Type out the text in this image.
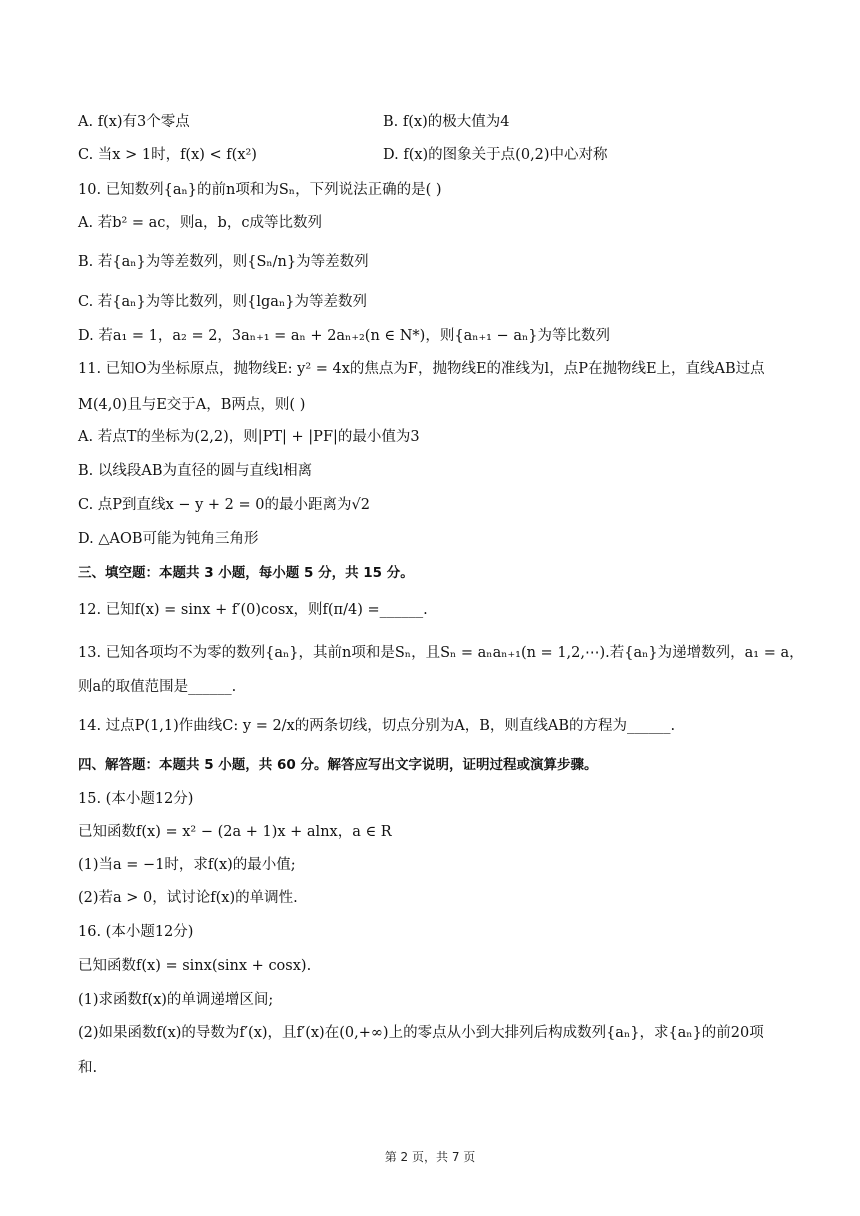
A. f(x)有3个零点	B. f(x)的极大值为4
C. 当x > 1时，f(x) < f(x²)	D. f(x)的图象关于点(0,2)中心对称
10. 已知数列{aₙ}的前n项和为Sₙ，下列说法正确的是( )
A. 若b² = ac，则a，b，c成等比数列
B. 若{aₙ}为等差数列，则{Sₙ/n}为等差数列
C. 若{aₙ}为等比数列，则{lgaₙ}为等差数列
D. 若a₁ = 1，a₂ = 2，3aₙ₊₁ = aₙ + 2aₙ₊₂(n ∈ N*)，则{aₙ₊₁ − aₙ}为等比数列
11. 已知O为坐标原点，抛物线E: y² = 4x的焦点为F，抛物线E的准线为l，点P在抛物线E上，直线AB过点
M(4,0)且与E交于A，B两点，则( )
A. 若点T的坐标为(2,2)，则|PT| + |PF|的最小值为3
B. 以线段AB为直径的圆与直线l相离
C. 点P到直线x − y + 2 = 0的最小距离为√2
D. △AOB可能为钝角三角形
三、填空题：本题共 3 小题，每小题 5 分，共 15 分。
12. 已知f(x) = sinx + f′(0)cosx，则f(π/4) =______.
13. 已知各项均不为零的数列{aₙ}，其前n项和是Sₙ，且Sₙ = aₙaₙ₊₁(n = 1,2,⋯).若{aₙ}为递增数列，a₁ = a，
则a的取值范围是______.
14. 过点P(1,1)作曲线C: y = 2/x的两条切线，切点分别为A，B，则直线AB的方程为______.
四、解答题：本题共 5 小题，共 60 分。解答应写出文字说明，证明过程或演算步骤。
15. (本小题12分)
已知函数f(x) = x² − (2a + 1)x + alnx，a ∈ R
(1)当a = −1时，求f(x)的最小值;
(2)若a > 0，试讨论f(x)的单调性.
16. (本小题12分)
已知函数f(x) = sinx(sinx + cosx).
(1)求函数f(x)的单调递增区间;
(2)如果函数f(x)的导数为f′(x)，且f′(x)在(0,+∞)上的零点从小到大排列后构成数列{aₙ}，求{aₙ}的前20项
和.
第 2 页，共 7 页
